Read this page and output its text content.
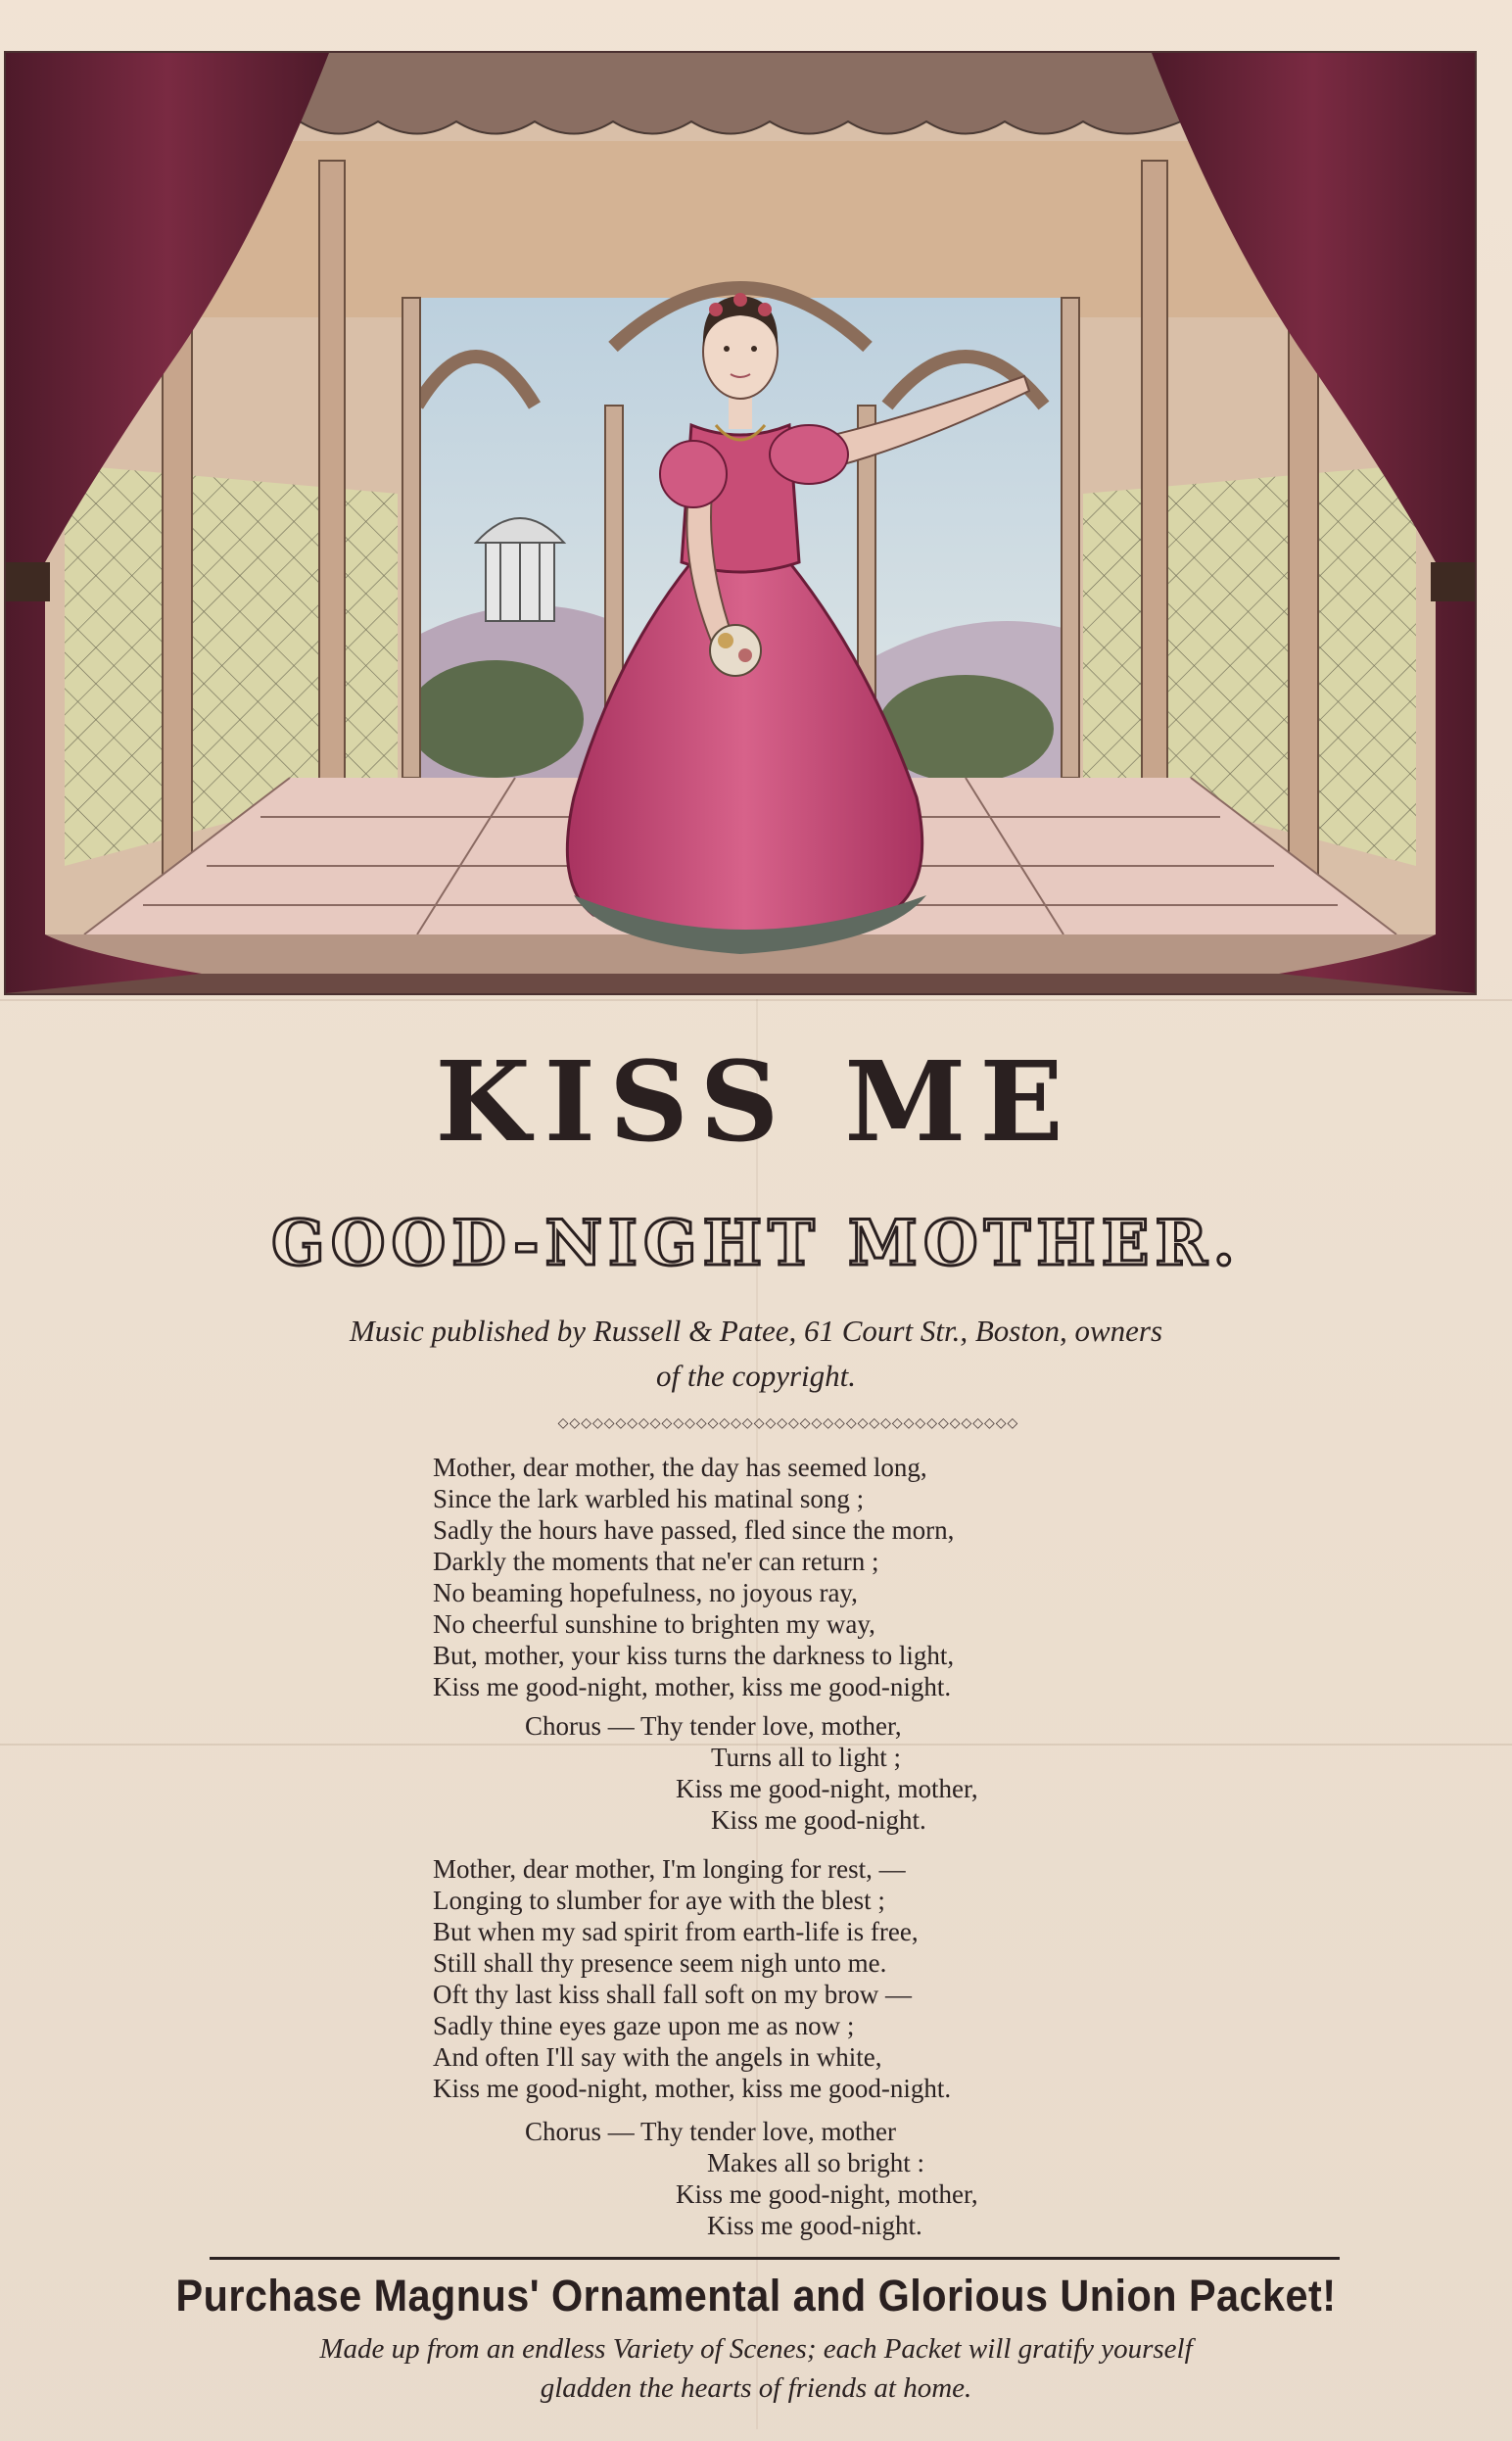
KISS ME
GOOD-NIGHT MOTHER.
Music published by Russell & Patee, 61 Court Str., Boston, owners
of the copyright.
◇◇◇◇◇◇◇◇◇◇◇◇◇◇◇◇◇◇◇◇◇◇◇◇◇◇◇◇◇◇◇◇◇◇◇◇◇◇◇◇
Mother, dear mother, the day has seemed long,
Since the lark warbled his matinal song ;
Sadly the hours have passed, fled since the morn,
Darkly the moments that ne'er can return ;
No beaming hopefulness, no joyous ray,
No cheerful sunshine to brighten my way,
But, mother, your kiss turns the darkness to light,
Kiss me good-night, mother, kiss me good-night.
Chorus — Thy tender love, mother,
Turns all to light ;
Kiss me good-night, mother,
Kiss me good-night.
Mother, dear mother, I'm longing for rest, —
Longing to slumber for aye with the blest ;
But when my sad spirit from earth-life is free,
Still shall thy presence seem nigh unto me.
Oft thy last kiss shall fall soft on my brow —
Sadly thine eyes gaze upon me as now ;
And often I'll say with the angels in white,
Kiss me good-night, mother, kiss me good-night.
Chorus — Thy tender love, mother
Makes all so bright :
Kiss me good-night, mother,
Kiss me good-night.
Purchase Magnus' Ornamental and Glorious Union Packet!
Made up from an endless Variety of Scenes; each Packet will gratify yourself
gladden the hearts of friends at home.
